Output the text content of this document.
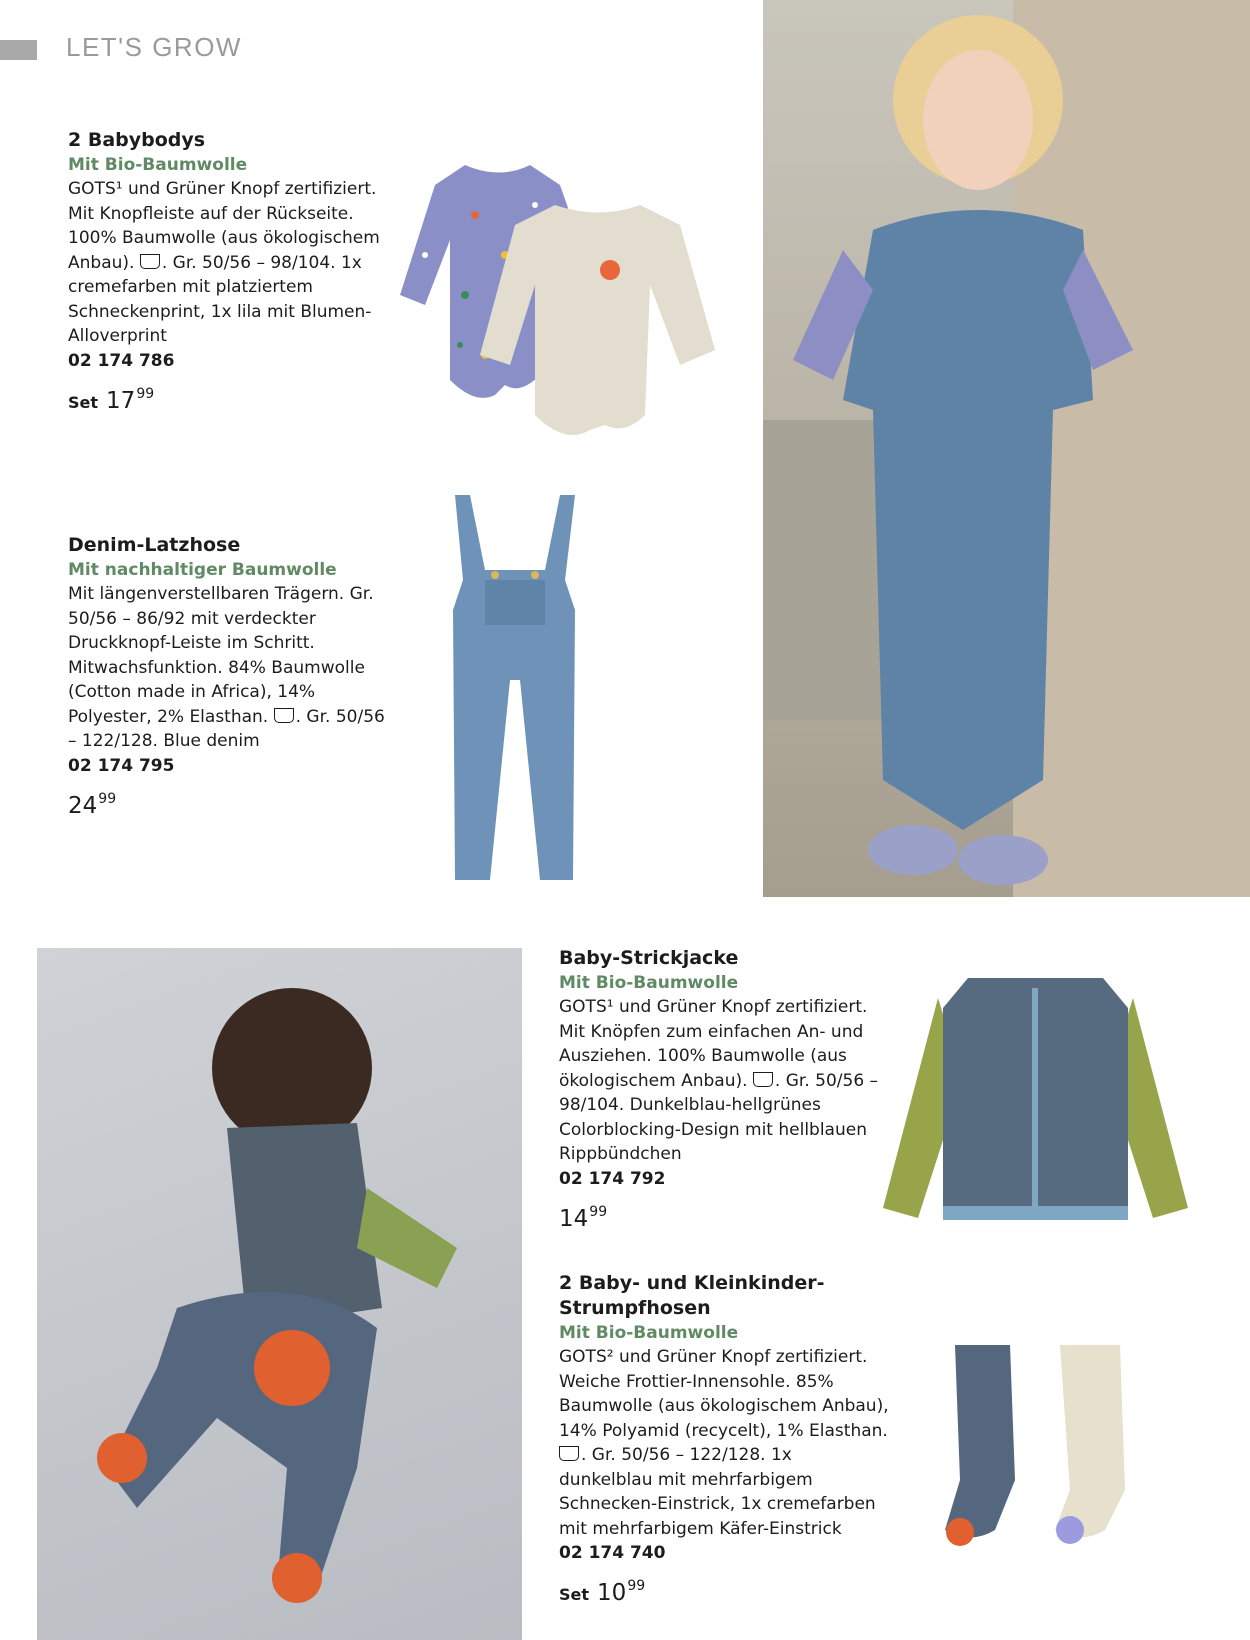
LET'S GROW

2 Babybodys

Mit Bio-Baumwolle

GOTS¹ und Grüner Knopf zertifiziert. Mit Knopfleiste auf der Rückseite. 100% Baumwolle (aus ökologischem Anbau). . Gr. 50/56 – 98/104. 1x cremefarben mit platziertem Schneckenprint, 1x lila mit Blumen-Alloverprint

02 174 786

Set $17^{99}$

Denim-Latzhose

Mit nachhaltiger Baumwolle

Mit längenverstellbaren Trägern. Gr. 50/56 – 86/92 mit verdeckter Druckknopf-Leiste im Schritt. Mitwachsfunktion. 84% Baumwolle (Cotton made in Africa), 14% Polyester, 2% Elasthan. . Gr. 50/56 – 122/128. Blue denim

02 174 795

$24^{99}$

Baby-Strickjacke

Mit Bio-Baumwolle

GOTS¹ und Grüner Knopf zertifiziert. Mit Knöpfen zum einfachen An- und Ausziehen. 100% Baumwolle (aus ökologischem Anbau). . Gr. 50/56 – 98/104. Dunkelblau-hellgrünes Colorblocking-Design mit hellblauen Rippbündchen

02 174 792

$14^{99}$

2 Baby- und Kleinkinder-Strumpfhosen

Mit Bio-Baumwolle

GOTS² und Grüner Knopf zertifiziert. Weiche Frottier-Innensohle. 85% Baumwolle (aus ökologischem Anbau), 14% Polyamid (recycelt), 1% Elasthan. . Gr. 50/56 – 122/128. 1x dunkelblau mit mehrfarbigem Schnecken-Einstrick, 1x cremefarben mit mehrfarbigem Käfer-Einstrick

02 174 740

Set $10^{99}$
